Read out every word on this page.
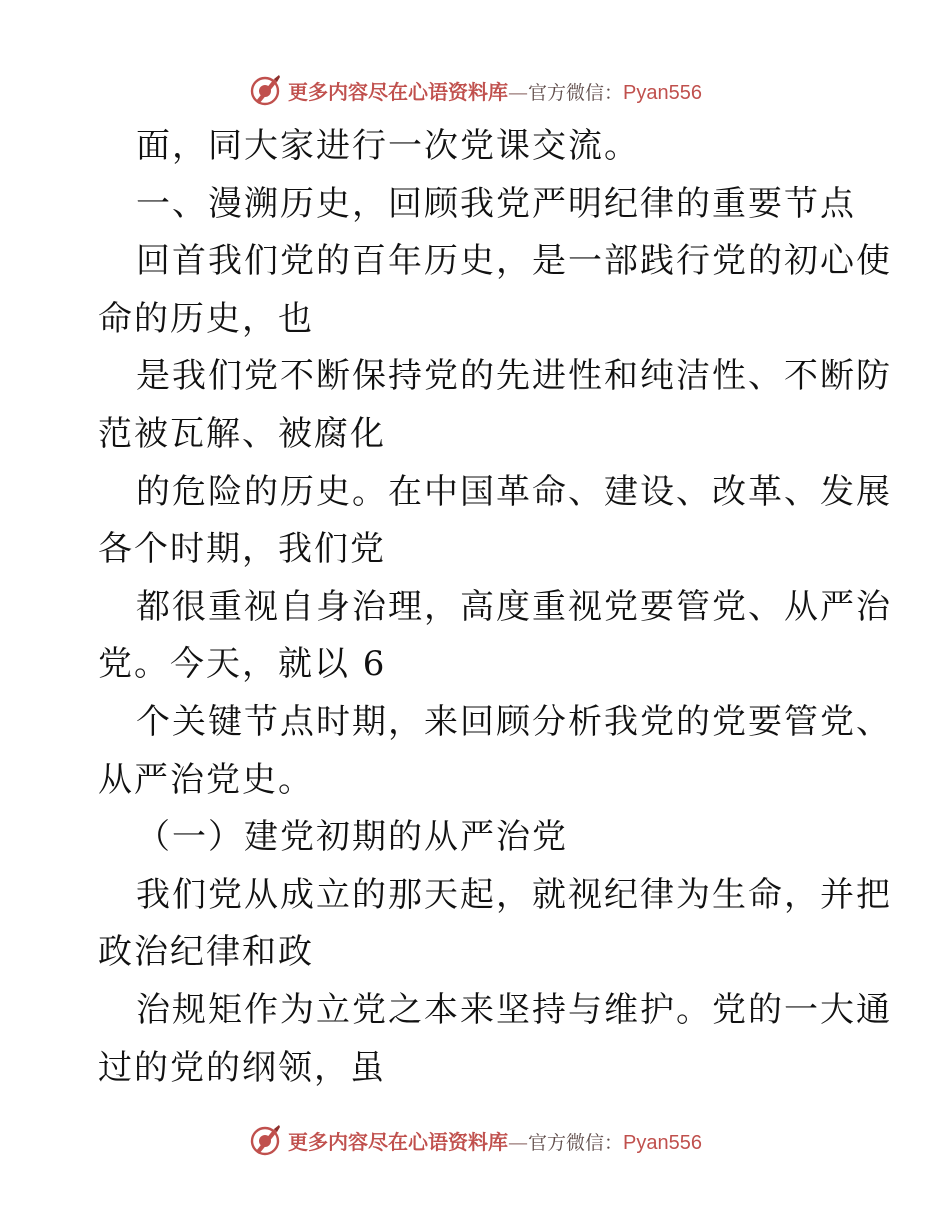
更多内容尽在心语资料库—官方微信：Pyan556
面，同大家进行一次党课交流。
一、漫溯历史，回顾我党严明纪律的重要节点
回首我们党的百年历史，是一部践行党的初心使
命的历史，也
是我们党不断保持党的先进性和纯洁性、不断防
范被瓦解、被腐化
的危险的历史。在中国革命、建设、改革、发展
各个时期，我们党
都很重视自身治理，高度重视党要管党、从严治
党。今天，就以 6
个关键节点时期，来回顾分析我党的党要管党、
从严治党史。
（一）建党初期的从严治党
我们党从成立的那天起，就视纪律为生命，并把
政治纪律和政
治规矩作为立党之本来坚持与维护。党的一大通
过的党的纲领，虽
更多内容尽在心语资料库—官方微信：Pyan556
